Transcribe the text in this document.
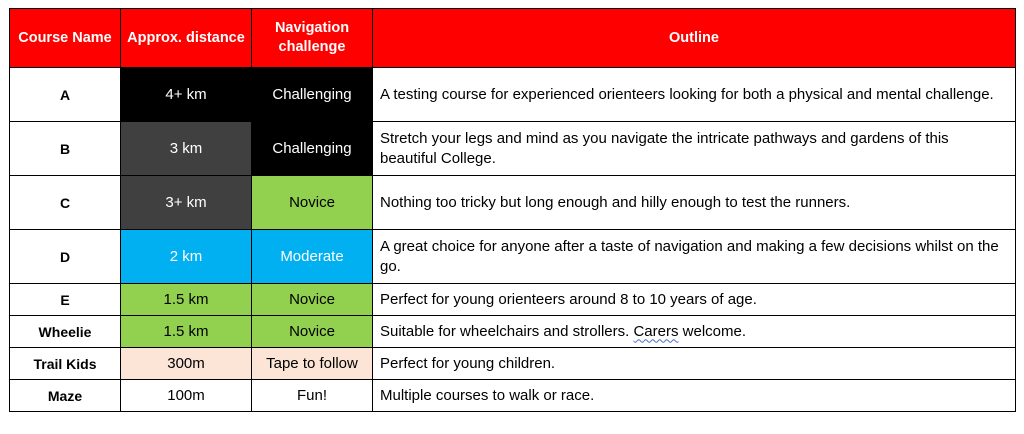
Course Name	Approx. distance	Navigation challenge	Outline
A	4+ km	Challenging	A testing course for experienced orienteers looking for both a physical and mental challenge.
B	3 km	Challenging	Stretch your legs and mind as you navigate the intricate pathways and gardens of this beautiful College.
C	3+ km	Novice	Nothing too tricky but long enough and hilly enough to test the runners.
D	2 km	Moderate	A great choice for anyone after a taste of navigation and making a few decisions whilst on the go.
E	1.5 km	Novice	Perfect for young orienteers around 8 to 10 years of age.
Wheelie	1.5 km	Novice	Suitable for wheelchairs and strollers. Carers welcome.
Trail Kids	300m	Tape to follow	Perfect for young children.
Maze	100m	Fun!	Multiple courses to walk or race.
